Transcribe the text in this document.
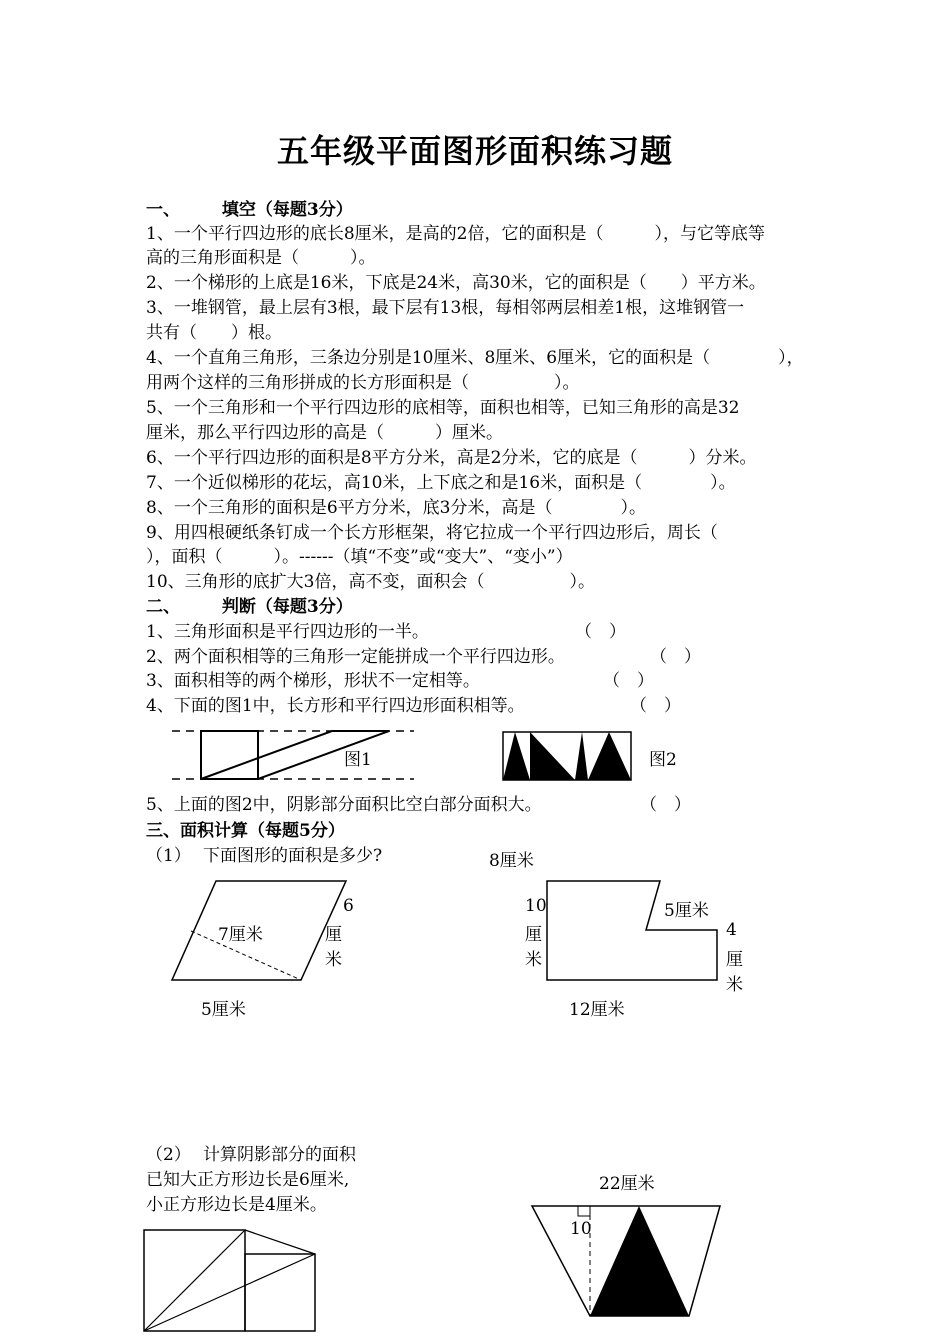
五年级平面图形面积练习题
一、 填空（每题3分）
1、一个平行四边形的底长8厘米，是高的2倍，它的面积是（　　　），与它等底等
高的三角形面积是（　　　）。
2、一个梯形的上底是16米，下底是24米，高30米，它的面积是（　　）平方米。
3、一堆钢管，最上层有3根，最下层有13根，每相邻两层相差1根，这堆钢管一
共有（　　）根。
4、一个直角三角形，三条边分别是10厘米、8厘米、6厘米，它的面积是（　　　　），
用两个这样的三角形拼成的长方形面积是（　　　　　）。
5、一个三角形和一个平行四边形的底相等，面积也相等，已知三角形的高是32
厘米，那么平行四边形的高是（　　　）厘米。
6、一个平行四边形的面积是8平方分米，高是2分米，它的底是（　　　）分米。
7、一个近似梯形的花坛，高10米，上下底之和是16米，面积是（　　　　）。
8、一个三角形的面积是6平方分米，底3分米，高是（　　　　）。
9、用四根硬纸条钉成一个长方形框架，将它拉成一个平行四边形后，周长（
），面积（　　　）。------（填“不变”或“变大”、“变小”）
10、三角形的底扩大3倍，高不变，面积会（　　　　　）。
二、 判断（每题3分）
1、三角形面积是平行四边形的一半。	（　）
2、两个面积相等的三角形一定能拼成一个平行四边形。	（　）
3、面积相等的两个梯形，形状不一定相等。	（　）
4、下面的图1中，长方形和平行四边形面积相等。	（　）
图1	图2
5、上面的图2中，阴影部分面积比空白部分面积大。	（　）
三、面积计算（每题5分）
（1） 下面图形的面积是多少?
7厘米
6
厘
米
5厘米
8厘米
10
厘
米
5厘米
4
厘
米
12厘米
（2） 计算阴影部分的面积
已知大正方形边长是6厘米,
小正方形边长是4厘米。
22厘米
10
